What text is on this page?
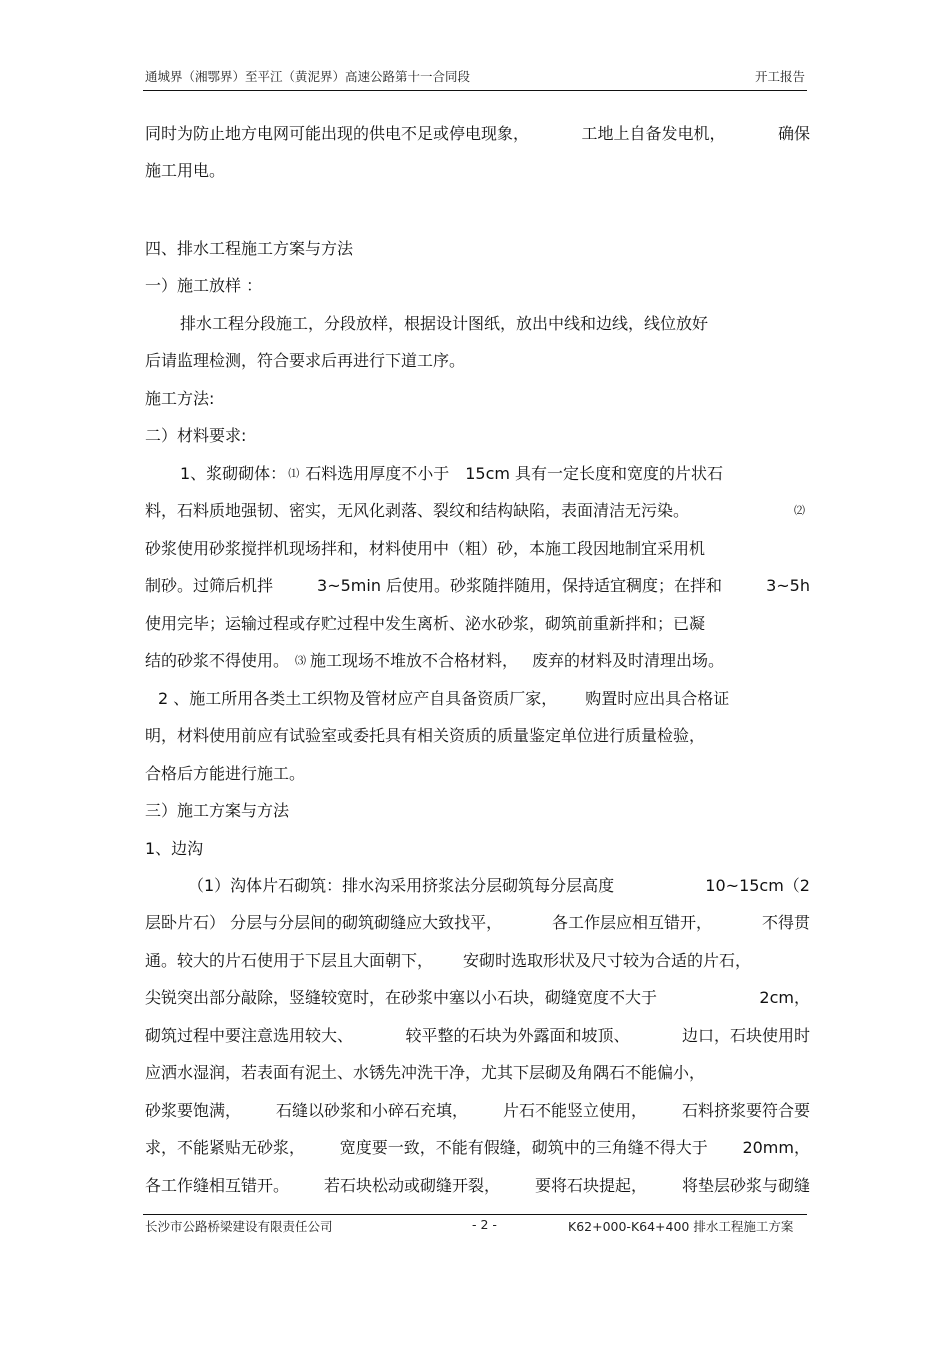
通城界（湘鄂界）至平江（黄泥界）高速公路第十一合同段	开工报告
同时为防止地方电网可能出现的供电不足或停电现象，	工地上自备发电机，	确保
施工用电。
四、排水工程施工方案与方法
一）施工放样 ：
排水工程分段施工，分段放样，根据设计图纸，放出中线和边线，线位放好
后请监理检测，符合要求后再进行下道工序。
施工方法:
二）材料要求:
1、浆砌砌体： ⑴ 石料选用厚度不小于 15cm 具有一定长度和宽度的片状石
料，石料质地强韧、密实，无风化剥落、裂纹和结构缺陷，表面清洁无污染。	⑵
砂浆使用砂浆搅拌机现场拌和，材料使用中（粗）砂，本施工段因地制宜采用机
制砂。过筛后机拌	3~5min 后使用。砂浆随拌随用，保持适宜稠度；在拌和	3~5h
使用完毕；运输过程或存贮过程中发生离析、泌水砂浆，砌筑前重新拌和；已凝
结的砂浆不得使用。 ⑶ 施工现场不堆放不合格材料， 废弃的材料及时清理出场。
2 、施工所用各类土工织物及管材应产自具备资质厂家， 购置时应出具合格证
明，材料使用前应有试验室或委托具有相关资质的质量鉴定单位进行质量检验，
合格后方能进行施工。
三）施工方案与方法
1、边沟
（1）沟体片石砌筑：排水沟采用挤浆法分层砌筑每分层高度	10~15cm（2
层卧片石） 分层与分层间的砌筑砌缝应大致找平，	各工作层应相互错开，	不得贯
通。较大的片石使用于下层且大面朝下， 安砌时选取形状及尺寸较为合适的片石，
尖锐突出部分敲除，竖缝较宽时，在砂浆中塞以小石块，砌缝宽度不大于	2cm，
砌筑过程中要注意选用较大、	较平整的石块为外露面和坡顶、	边口，石块使用时
应洒水湿润，若表面有泥土、水锈先冲洗干净，尤其下层砌及角隅石不能偏小，
砂浆要饱满， 石缝以砂浆和小碎石充填， 片石不能竖立使用， 石料挤浆要符合要
求，不能紧贴无砂浆， 宽度要一致，不能有假缝，砌筑中的三角缝不得大于 20mm，
各工作缝相互错开。 若石块松动或砌缝开裂， 要将石块提起， 将垫层砂浆与砌缝
长沙市公路桥梁建设有限责任公司	- 2 -	K62+000-K64+400 排水工程施工方案
